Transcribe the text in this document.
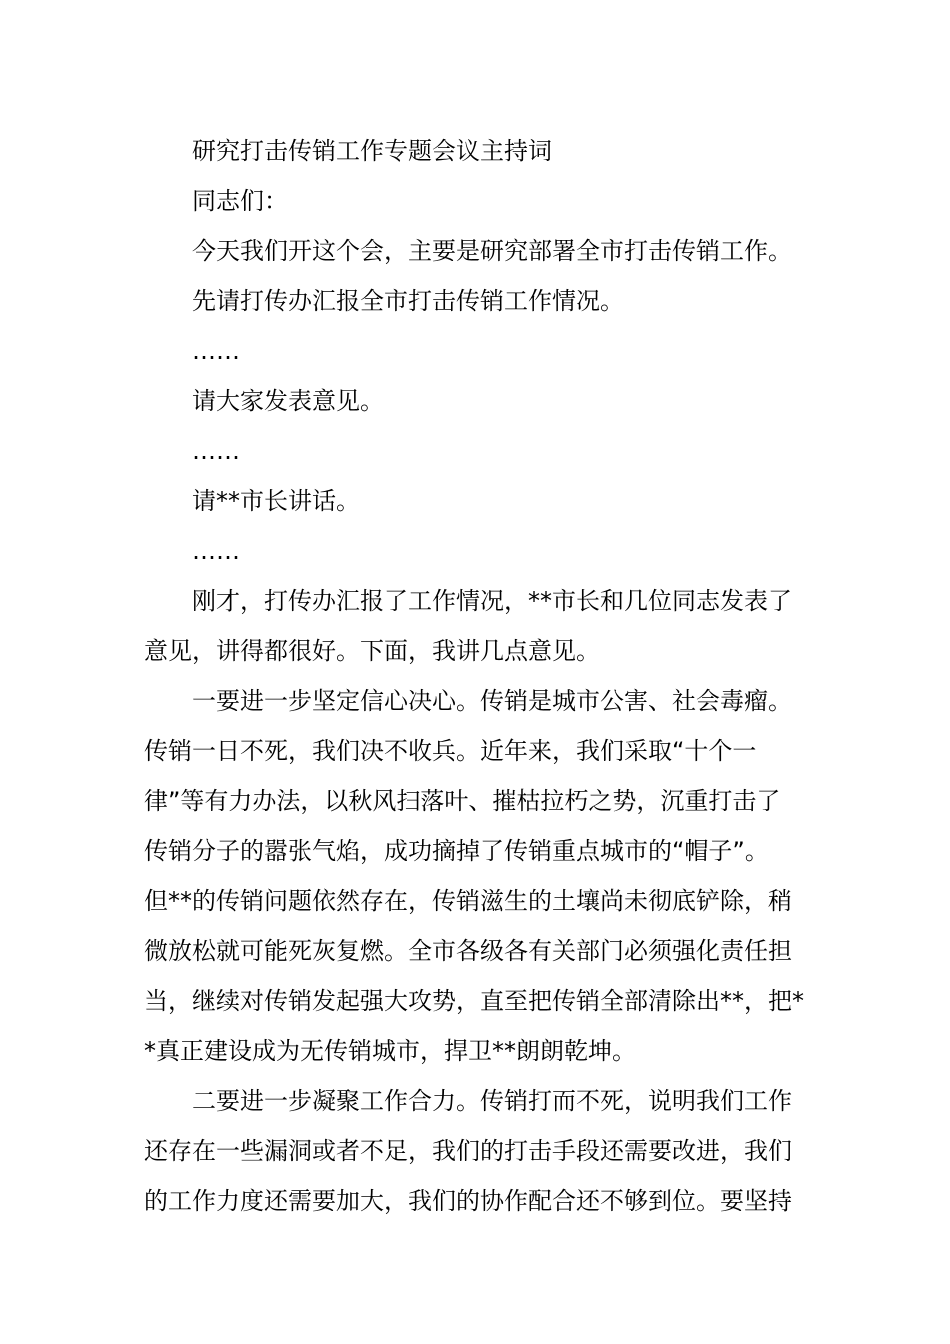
研究打击传销工作专题会议主持词
同志们：
今天我们开这个会，主要是研究部署全市打击传销工作。
先请打传办汇报全市打击传销工作情况。
……
请大家发表意见。
……
请**市长讲话。
……
刚才，打传办汇报了工作情况，**市长和几位同志发表了
意见，讲得都很好。下面，我讲几点意见。
一要进一步坚定信心决心。传销是城市公害、社会毒瘤。
传销一日不死，我们决不收兵。近年来，我们采取“十个一
律”等有力办法，以秋风扫落叶、摧枯拉朽之势，沉重打击了
传销分子的嚣张气焰，成功摘掉了传销重点城市的“帽子”。
但**的传销问题依然存在，传销滋生的土壤尚未彻底铲除，稍
微放松就可能死灰复燃。全市各级各有关部门必须强化责任担
当，继续对传销发起强大攻势，直至把传销全部清除出**，把*
*真正建设成为无传销城市，捍卫**朗朗乾坤。
二要进一步凝聚工作合力。传销打而不死，说明我们工作
还存在一些漏洞或者不足，我们的打击手段还需要改进，我们
的工作力度还需要加大，我们的协作配合还不够到位。要坚持
